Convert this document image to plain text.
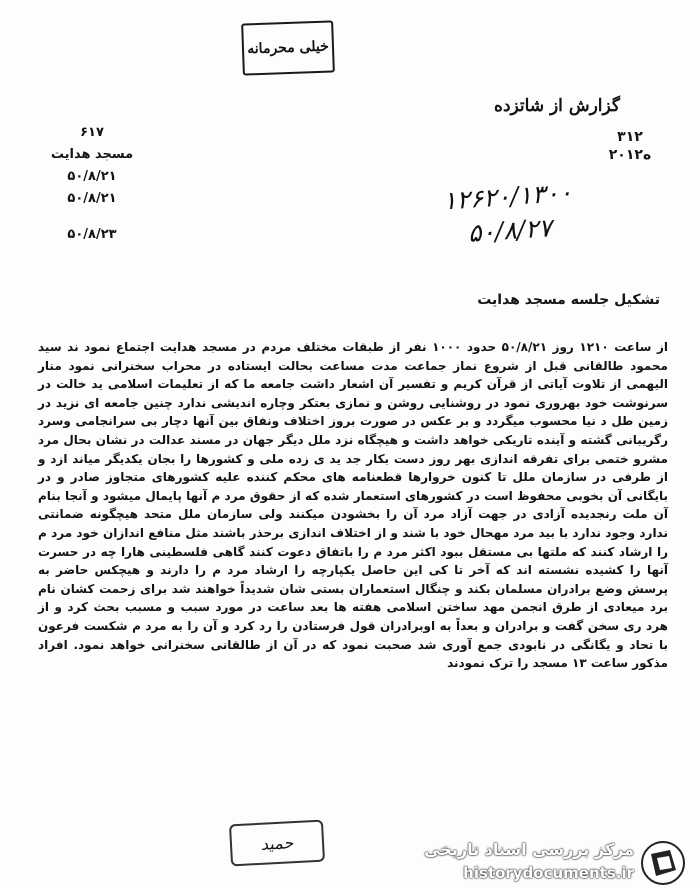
خیلی محرمانه
۶۱۷
مسجد هدایت
۵۰/۸/۲۱
۵۰/۸/۲۱
۵۰/۸/۲۳
گزارش از شاتزده
۳۱۲
۲۰ه۱۲
۱۲۶۲۰/۱۳۰۰
۵۰/۸/۲۷
تشکیل جلسه مسجد هدایت

از ساعت ۱۲۱۰ روز ۵۰/۸/۲۱ حدود ۱۰۰۰ نفر از طبقات مختلف مردم در مسجد هدایت اجتماع نمود ند سید محمود طالقانی قبل از شروع نماز جماعت مدت مساعت بحالت ایستاده در محراب سخنرانی نمود منار الیهمی از تلاوت آیاتی از قرآن کریم و تفسیر آن اشعار داشت جامعه ما که از تعلیمات اسلامی ید خالت در سرنوشت خود بهروری نمود در روشنایی روشن و نمازی بعتکر وچاره اندیشی ندارد چنین جامعه ای نزید در زمین طل د نیا محسوب میگردد و بر عکس در صورت بروز اختلاف ونفاق بین آنها دچار بی سرانجامی وسرد رگریبانی گشته و آینده تاریکی خواهد داشت و هیچگاه نزد ملل دیگر جهان در مسند عدالت در نشان بحال مرد مشرو ختمی برای تفرقه اندازی بهر روز دست بکار جد ید ی زده ملی و کشورها را بجان یکدیگر میاند ازد و از طرفی در سازمان ملل تا کنون خروارها قطعنامه های محکم کننده علیه کشورهای متجاوز صادر و در بایگانی آن بخوبی محفوظ است در کشورهای استعمار شده که از حقوق مرد م آنها پایمال میشود و آنجا بنام آن ملت رنجدیده آزادی در جهت آزاد مرد آن را بخشودن میکنند ولی سازمان ملل متحد هیچگونه ضمانتی ندارد وجود ندارد با بید مرد مهحال خود با شند و از اختلاف اندازی برحذر باشند مثل منافع اندازان خود مرد م را ارشاد کنند که ملتها بی مستقل ببود اکثر مرد م را باتفاق دعوت کنند گاهی فلسطینی هارا چه در حسرت آنها را کشیده نشسته اند که آخر تا کی این حاصل یکپارچه را ارشاد مرد م را دارند و هیچکس حاضر به پرسش وضع برادران مسلمان بکند و چنگال استعماران بستی شان شدیداً خواهند شد برای زحمت کشان نام برد میعادی از طرق انجمن مهد ساختن اسلامی هفته ها بعد ساعت در مورد سبب و مسبب بحث کرد و از هرد ری سخن گفت و برادران و بعداً به اوبرادران قول فرستادن را رد کرد و آن را به مرد م شکست فرعون با تحاد و یگانگی در نابودی جمع آوری شد صحبت نمود که در آن از طالقانی سخنرانی خواهد نمود. افراد مذکور ساعت ۱۳ مسجد را ترک نمودند

حمید	مرکز بررسی اسناد تاریخی
historydocuments.ir
